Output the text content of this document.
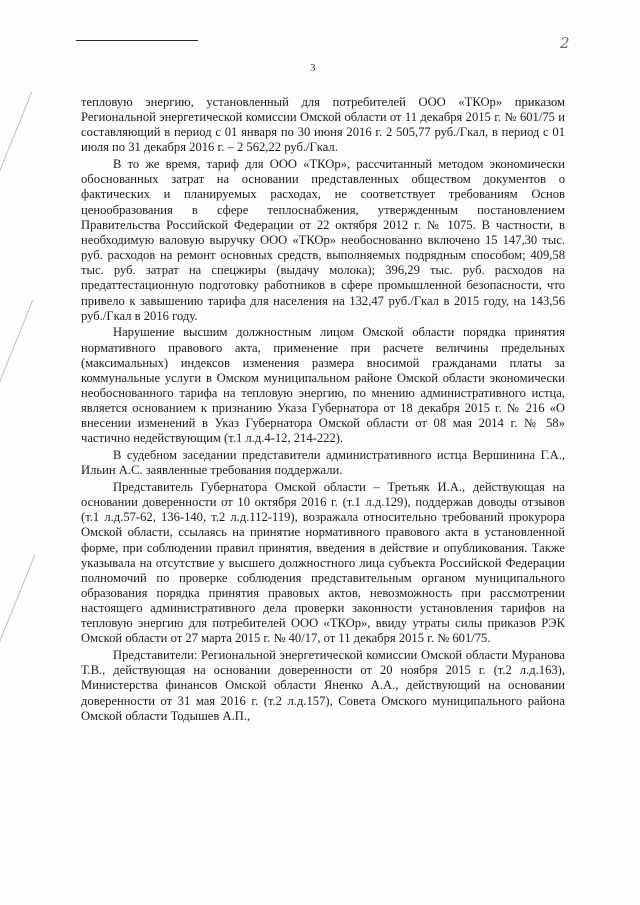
2
3

тепловую энергию, установленный для потребителей ООО «ТКОр» приказом Региональной энергетической комиссии Омской области от 11 декабря 2015 г. № 601/75 и составляющий в период с 01 января по 30 июня 2016 г. 2 505,77 руб./Гкал, в период с 01 июля по 31 декабря 2016 г. – 2 562,22 руб./Гкал.

В то же время, тариф для ООО «ТКОр», рассчитанный методом экономически обоснованных затрат на основании представленных обществом документов о фактических и планируемых расходах, не соответствует требованиям Основ ценообразования в сфере теплоснабжения, утвержденным постановлением Правительства Российской Федерации от 22 октября 2012 г. № 1075. В частности, в необходимую валовую выручку ООО «ТКОр» необоснованно включено 15 147,30 тыс. руб. расходов на ремонт основных средств, выполняемых подрядным способом; 409,58 тыс. руб. затрат на спецжиры (выдачу молока); 396,29 тыс. руб. расходов на предаттестационную подготовку работников в сфере промышленной безопасности, что привело к завышению тарифа для населения на 132,47 руб./Гкал в 2015 году, на 143,56 руб./Гкал в 2016 году.

Нарушение высшим должностным лицом Омской области порядка принятия нормативного правового акта, применение при расчете величины предельных (максимальных) индексов изменения размера вносимой гражданами платы за коммунальные услуги в Омском муниципальном районе Омской области экономически необоснованного тарифа на тепловую энергию, по мнению административного истца, является основанием к признанию Указа Губернатора от 18 декабря 2015 г. № 216 «О внесении изменений в Указ Губернатора Омской области от 08 мая 2014 г. № 58» частично недействующим (т.1 л.д.4-12, 214-222).

В судебном заседании представители административного истца Вершинина Г.А., Ильин А.С. заявленные требования поддержали.

Представитель Губернатора Омской области – Третьяк И.А., действующая на основании доверенности от 10 октября 2016 г. (т.1 л.д.129), поддержав доводы отзывов (т.1 л.д.57-62, 136-140, т.2 л.д.112-119), возражала относительно требований прокурора Омской области, ссылаясь на принятие нормативного правового акта в установленной форме, при соблюдении правил принятия, введения в действие и опубликования. Также указывала на отсутствие у высшего должностного лица субъекта Российской Федерации полномочий по проверке соблюдения представительным органом муниципального образования порядка принятия правовых актов, невозможность при рассмотрении настоящего административного дела проверки законности установления тарифов на тепловую энергию для потребителей ООО «ТКОр», ввиду утраты силы приказов РЭК Омской области от 27 марта 2015 г. № 40/17, от 11 декабря 2015 г. № 601/75.

Представители: Региональной энергетической комиссии Омской области Муранова Т.В., действующая на основании доверенности от 20 ноября 2015 г. (т.2 л.д.163), Министерства финансов Омской области Яненко А.А., действующий на основании доверенности от 31 мая 2016 г. (т.2 л.д.157), Совета Омского муниципального района Омской области Тодышев А.П.,
